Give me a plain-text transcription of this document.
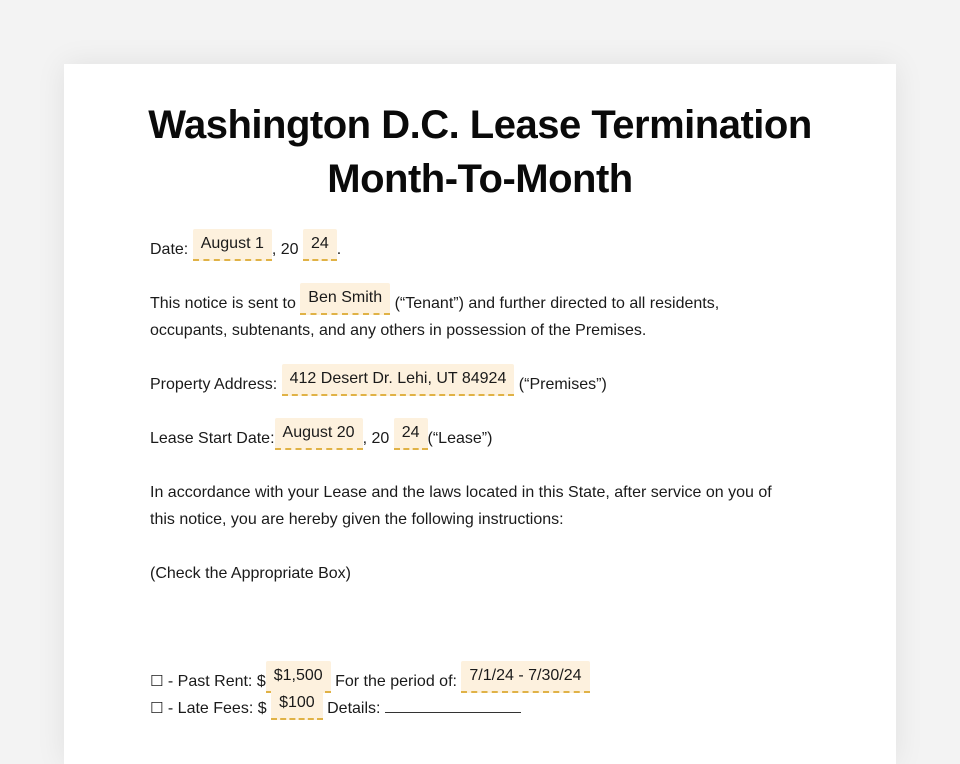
Washington D.C. Lease Termination
Month-To-Month
Date: August 1 , 20 24 .
This notice is sent to Ben Smith (“Tenant”) and further directed to all residents,
occupants, subtenants, and any others in possession of the Premises.
Property Address: 412 Desert Dr. Lehi, UT 84924 (“Premises”)
Lease Start Date: August 20 , 20 24 (“Lease”)
In accordance with your Lease and the laws located in this State, after service on you of
this notice, you are hereby given the following instructions:
(Check the Appropriate Box)
☐ - Past Rent: $ $1,500 For the period of: 7/1/24 - 7/30/24
☐ - Late Fees: $ $100 Details:
